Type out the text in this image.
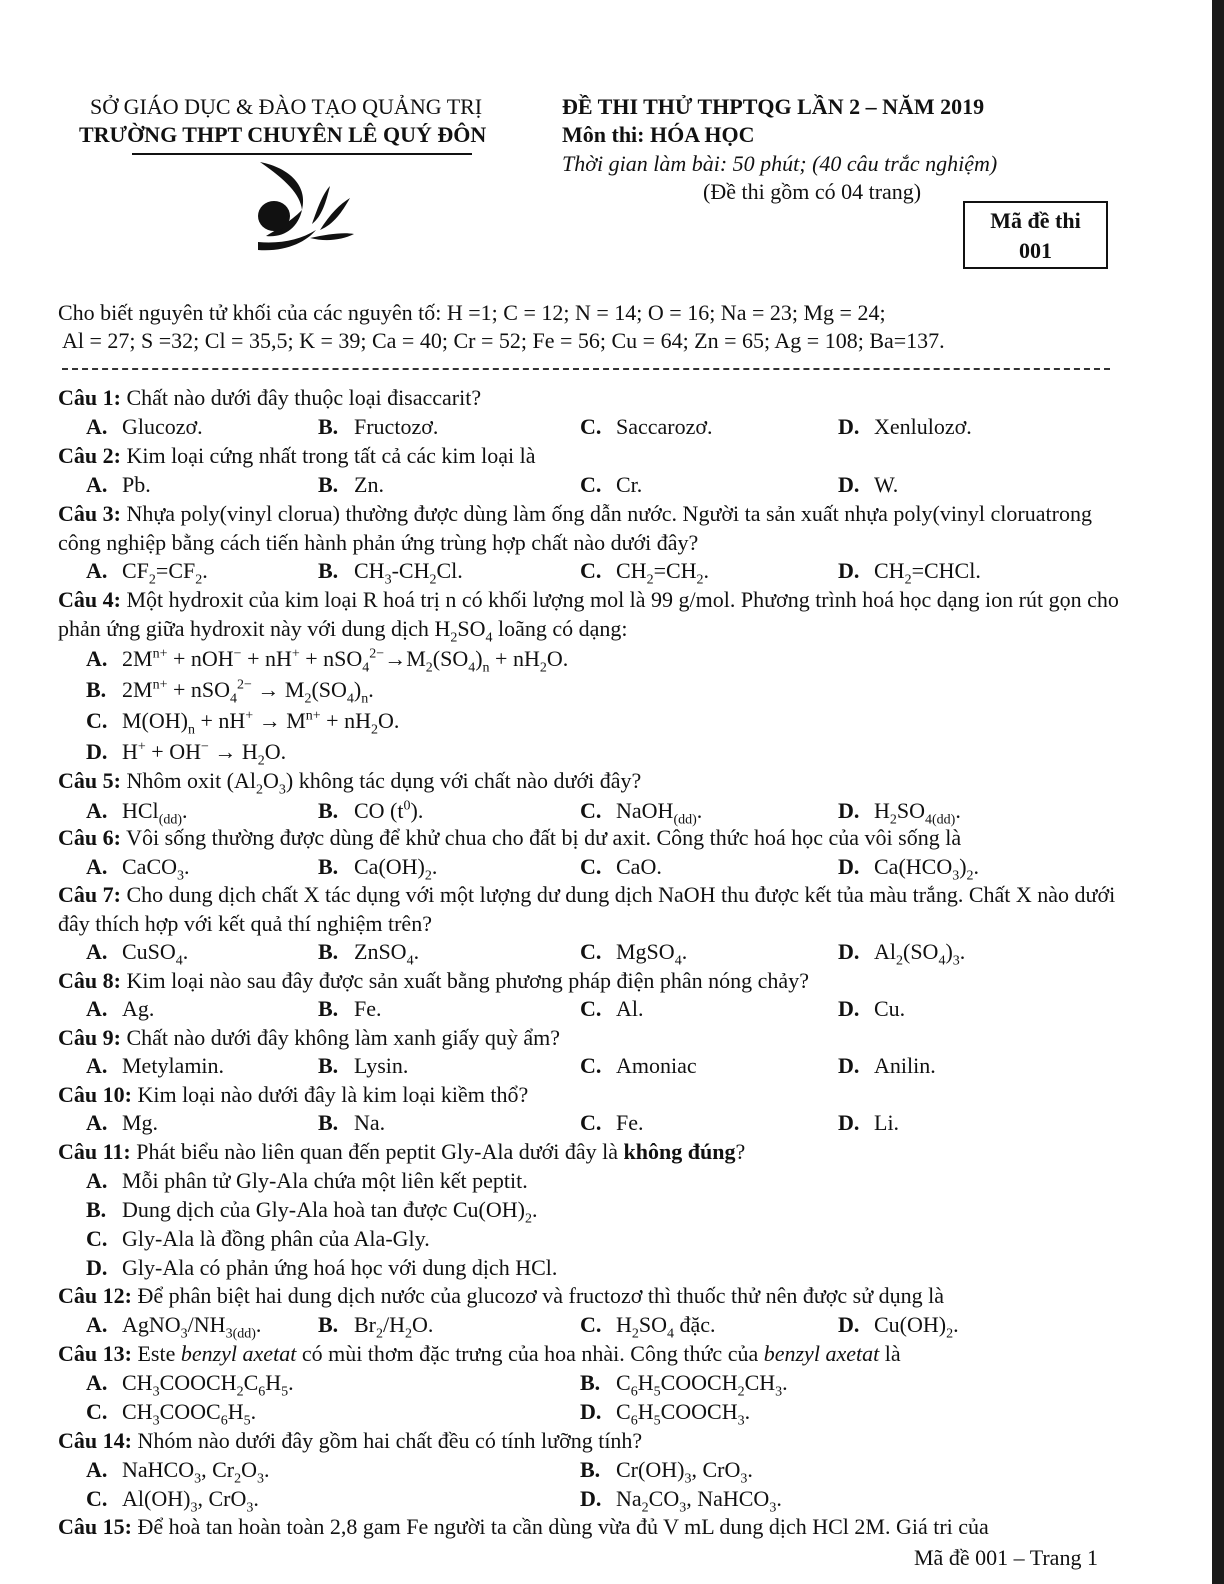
SỞ GIÁO DỤC & ĐÀO TẠO QUẢNG TRỊ
TRƯỜNG THPT CHUYÊN LÊ QUÝ ĐÔN
ĐỀ THI THỬ THPTQG LẦN 2 – NĂM 2019
Môn thi: HÓA HỌC
Thời gian làm bài: 50 phút; (40 câu trắc nghiệm)
(Đề thi gồm có 04 trang)
Mã đề thi
001
Cho biết nguyên tử khối của các nguyên tố: H =1; C = 12; N = 14; O = 16; Na = 23; Mg = 24;
Al = 27; S =32; Cl = 35,5; K = 39; Ca = 40; Cr = 52; Fe = 56; Cu = 64; Zn = 65; Ag = 108; Ba=137.
Câu 1: Chất nào dưới đây thuộc loại đisaccarit?
A. Glucozơ.	B. Fructozơ.	C. Saccarozơ.	D. Xenlulozơ.
Câu 2: Kim loại cứng nhất trong tất cả các kim loại là
A. Pb.	B. Zn.	C. Cr.	D. W.
Câu 3: Nhựa poly(vinyl clorua) thường được dùng làm ống dẫn nước. Người ta sản xuất nhựa poly(vinyl cloruatrong công nghiệp bằng cách tiến hành phản ứng trùng hợp chất nào dưới đây?
A. $CF_2=CF_2$.	B. $CH_3-CH_2Cl$.	C. $CH_2=CH_2$.	D. $CH_2=CHCl$.
Câu 4: Một hydroxit của kim loại R hoá trị n có khối lượng mol là 99 g/mol. Phương trình hoá học dạng ion rút gọn cho phản ứng giữa hydroxit này với dung dịch $H_2SO_4$ loãng có dạng:
A. $2M^{n+} + nOH^- + nH^+ + nSO_4^{2-}\to M_2(SO_4)_n + nH_2O$.
B. $2M^{n+} + nSO_4^{2-} \to M_2(SO_4)_n$.
C. $M(OH)_n + nH^+ \to M^{n+} + nH_2O$.
D. $H^+ + OH^- \to H_2O$.
Câu 5: Nhôm oxit $(Al_2O_3)$ không tác dụng với chất nào dưới đây?
A. HCl$_{(dd)}$.	B. CO $(t^0)$.	C. NaOH$_{(dd)}$.	D. $H_2SO_{4(dd)}$.
Câu 6: Vôi sống thường được dùng để khử chua cho đất bị dư axit. Công thức hoá học của vôi sống là
A. CaCO$_3$.	B. $Ca(OH)_2$.	C. CaO.	D. $Ca(HCO_3)_2$.
Câu 7: Cho dung dịch chất X tác dụng với một lượng dư dung dịch NaOH thu được kết tủa màu trắng. Chất X nào dưới đây thích hợp với kết quả thí nghiệm trên?
A. CuSO$_4$.	B. ZnSO$_4$.	C. MgSO$_4$.	D. $Al_2(SO_4)_3$.
Câu 8: Kim loại nào sau đây được sản xuất bằng phương pháp điện phân nóng chảy?
A. Ag.	B. Fe.	C. Al.	D. Cu.
Câu 9: Chất nào dưới đây không làm xanh giấy quỳ ẩm?
A. Metylamin.	B. Lysin.	C. Amoniac	D. Anilin.
Câu 10: Kim loại nào dưới đây là kim loại kiềm thổ?
A. Mg.	B. Na.	C. Fe.	D. Li.
Câu 11: Phát biểu nào liên quan đến peptit Gly-Ala dưới đây là không đúng?
A. Mỗi phân tử Gly-Ala chứa một liên kết peptit.
B. Dung dịch của Gly-Ala hoà tan được $Cu(OH)_2$.
C. Gly-Ala là đồng phân của Ala-Gly.
D. Gly-Ala có phản ứng hoá học với dung dịch HCl.
Câu 12: Để phân biệt hai dung dịch nước của glucozơ và fructozơ thì thuốc thử nên được sử dụng là
A. $AgNO_3/NH_{3(dd)}$.	B. $Br_2/H_2O$.	C. $H_2SO_4$ đặc.	D. $Cu(OH)_2$.
Câu 13: Este benzyl axetat có mùi thơm đặc trưng của hoa nhài. Công thức của benzyl axetat là
A. $CH_3COOCH_2C_6H_5$.	B. $C_6H_5COOCH_2CH_3$.
C. $CH_3COOC_6H_5$.	D. $C_6H_5COOCH_3$.
Câu 14: Nhóm nào dưới đây gồm hai chất đều có tính lưỡng tính?
A. NaHCO$_3$, $Cr_2O_3$.	B. $Cr(OH)_3$, CrO$_3$.
C. $Al(OH)_3$, CrO$_3$.	D. $Na_2CO_3$, NaHCO$_3$.
Câu 15: Để hoà tan hoàn toàn 2,8 gam Fe người ta cần dùng vừa đủ V mL dung dịch HCl 2M. Giá tri của
Mã đề 001 – Trang 1
